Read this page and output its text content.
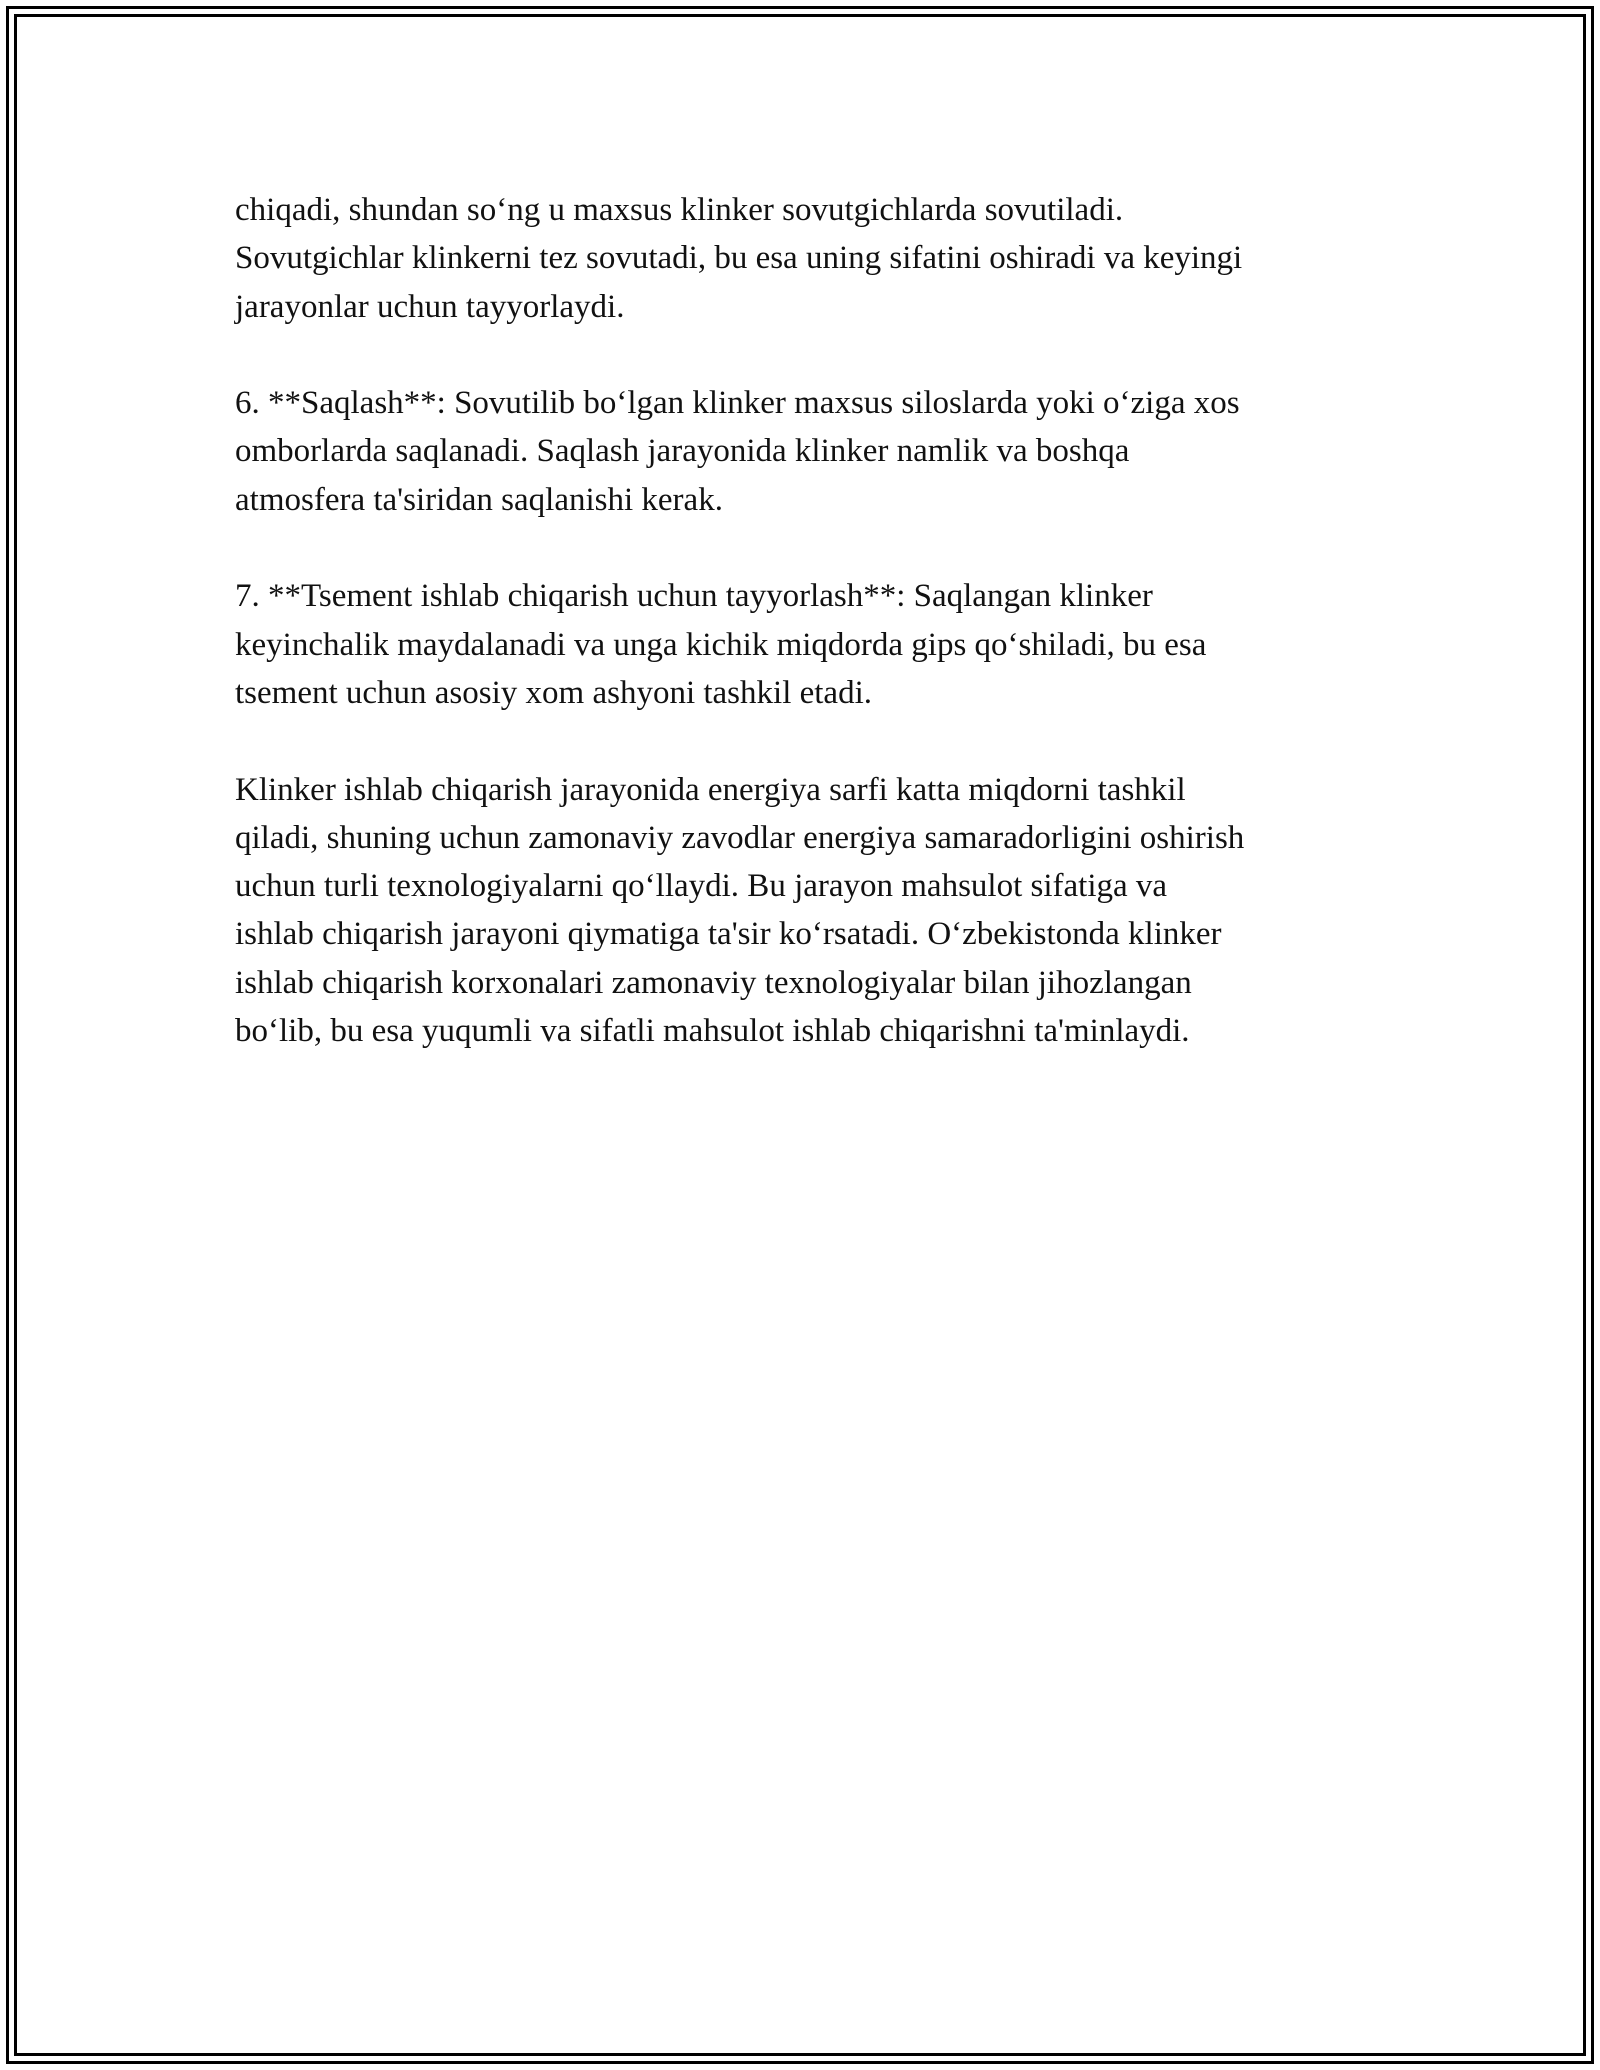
chiqadi, shundan so‘ng u maxsus klinker sovutgichlarda sovutiladi.
Sovutgichlar klinkerni tez sovutadi, bu esa uning sifatini oshiradi va keyingi
jarayonlar uchun tayyorlaydi.

6. **Saqlash**: Sovutilib bo‘lgan klinker maxsus siloslarda yoki o‘ziga xos
omborlarda saqlanadi. Saqlash jarayonida klinker namlik va boshqa
atmosfera ta'siridan saqlanishi kerak.

7. **Tsement ishlab chiqarish uchun tayyorlash**: Saqlangan klinker
keyinchalik maydalanadi va unga kichik miqdorda gips qo‘shiladi, bu esa
tsement uchun asosiy xom ashyoni tashkil etadi.

Klinker ishlab chiqarish jarayonida energiya sarfi katta miqdorni tashkil
qiladi, shuning uchun zamonaviy zavodlar energiya samaradorligini oshirish
uchun turli texnologiyalarni qo‘llaydi. Bu jarayon mahsulot sifatiga va
ishlab chiqarish jarayoni qiymatiga ta'sir ko‘rsatadi. O‘zbekistonda klinker
ishlab chiqarish korxonalari zamonaviy texnologiyalar bilan jihozlangan
bo‘lib, bu esa yuqumli va sifatli mahsulot ishlab chiqarishni ta'minlaydi.
